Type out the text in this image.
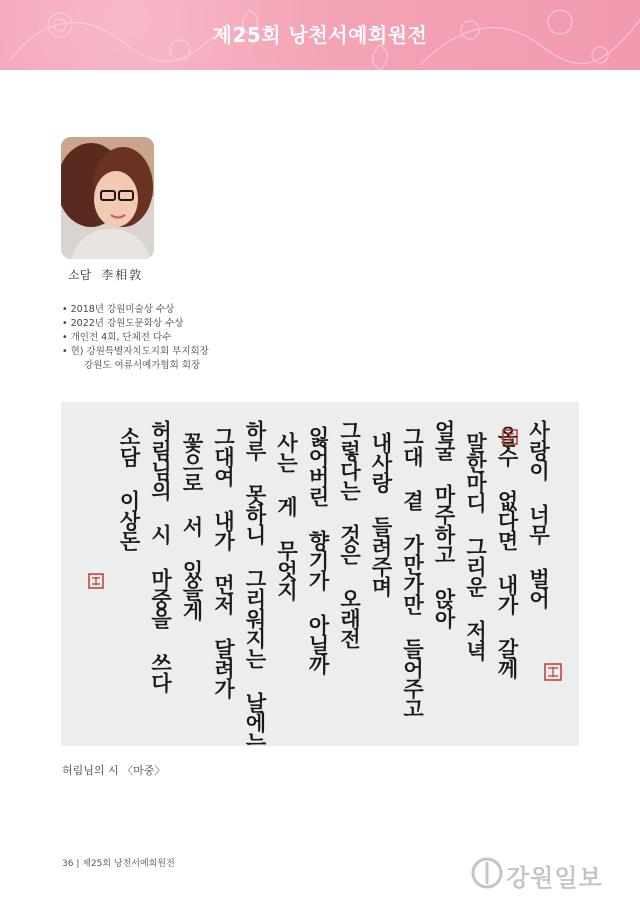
제25회 낭천서예회원전
소담 李相敦
• 2018년 강원미술상 수상
• 2022년 강원도문화상 수상
• 개인전 4회, 단체전 다수
• 현) 강원특별자치도지회 부지회장
강원도 여류서예가협회 회장
사랑이 너무 벌어
올수 없다면 내가 갈께
말한마디 그리운 저녁
얼굴 마주하고 앉아
그대 곁 가만가만 들어주고
내사랑 들려주며
그렇다는 것은 오래전
잃어버린 향기가 아닐까
사는 게 무엇지
하루 못하니 그리워지는 날에는
그대여 내가 먼저 달려가
꽃으로 서 있을게
허림님의 시 마중을 쓰다
소담 이상돈
허림님의 시 〈마중〉
36 | 제25회 낭천서예회원전	강원일보
